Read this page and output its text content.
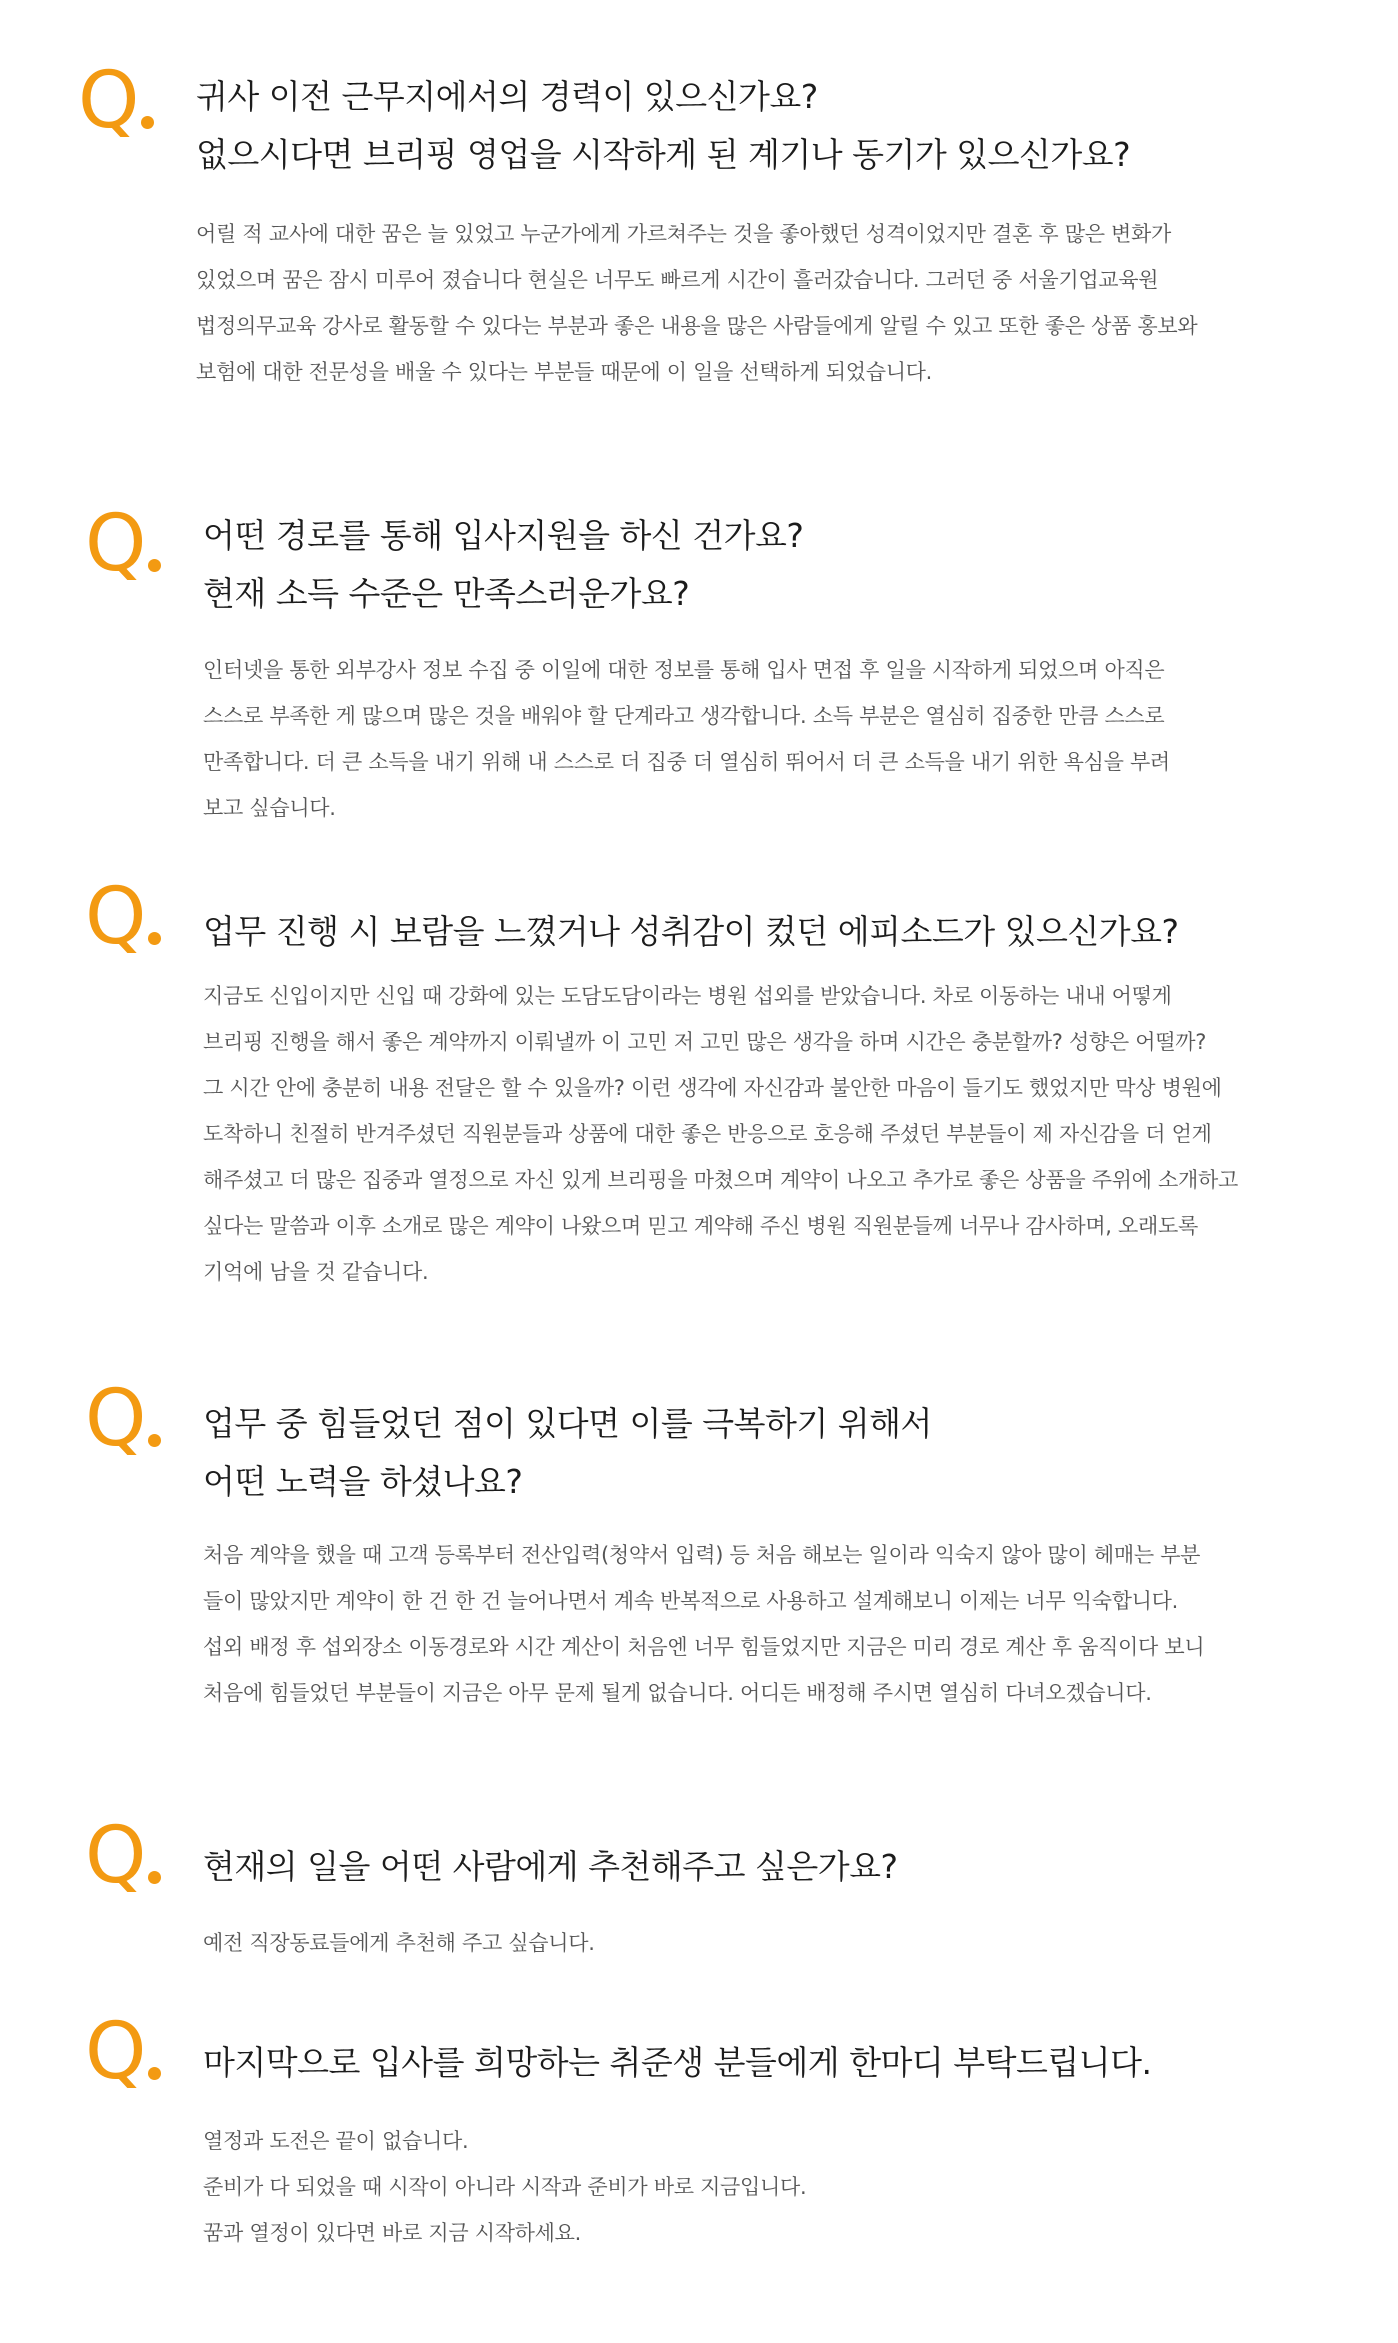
Q	귀사 이전 근무지에서의 경력이 있으신가요?
없으시다면 브리핑 영업을 시작하게 된 계기나 동기가 있으신가요?
어릴 적 교사에 대한 꿈은 늘 있었고 누군가에게 가르쳐주는 것을 좋아했던 성격이었지만 결혼 후 많은 변화가
있었으며 꿈은 잠시 미루어 졌습니다 현실은 너무도 빠르게 시간이 흘러갔습니다. 그러던 중 서울기업교육원
법정의무교육 강사로 활동할 수 있다는 부분과 좋은 내용을 많은 사람들에게 알릴 수 있고 또한 좋은 상품 홍보와
보험에 대한 전문성을 배울 수 있다는 부분들 때문에 이 일을 선택하게 되었습니다.
Q	어떤 경로를 통해 입사지원을 하신 건가요?
현재 소득 수준은 만족스러운가요?
인터넷을 통한 외부강사 정보 수집 중 이일에 대한 정보를 통해 입사 면접 후 일을 시작하게 되었으며 아직은
스스로 부족한 게 많으며 많은 것을 배워야 할 단계라고 생각합니다. 소득 부분은 열심히 집중한 만큼 스스로
만족합니다. 더 큰 소득을 내기 위해 내 스스로 더 집중 더 열심히 뛰어서 더 큰 소득을 내기 위한 욕심을 부려
보고 싶습니다.
Q	업무 진행 시 보람을 느꼈거나 성취감이 컸던 에피소드가 있으신가요?
지금도 신입이지만 신입 때 강화에 있는 도담도담이라는 병원 섭외를 받았습니다. 차로 이동하는 내내 어떻게
브리핑 진행을 해서 좋은 계약까지 이뤄낼까 이 고민 저 고민 많은 생각을 하며 시간은 충분할까? 성향은 어떨까?
그 시간 안에 충분히 내용 전달은 할 수 있을까? 이런 생각에 자신감과 불안한 마음이 들기도 했었지만 막상 병원에
도착하니 친절히 반겨주셨던 직원분들과 상품에 대한 좋은 반응으로 호응해 주셨던 부분들이 제 자신감을 더 얻게
해주셨고 더 많은 집중과 열정으로 자신 있게 브리핑을 마쳤으며 계약이 나오고 추가로 좋은 상품을 주위에 소개하고
싶다는 말씀과 이후 소개로 많은 계약이 나왔으며 믿고 계약해 주신 병원 직원분들께 너무나 감사하며, 오래도록
기억에 남을 것 같습니다.
Q	업무 중 힘들었던 점이 있다면 이를 극복하기 위해서
어떤 노력을 하셨나요?
처음 계약을 했을 때 고객 등록부터 전산입력(청약서 입력) 등 처음 해보는 일이라 익숙지 않아 많이 헤매는 부분
들이 많았지만 계약이 한 건 한 건 늘어나면서 계속 반복적으로 사용하고 설계해보니 이제는 너무 익숙합니다.
섭외 배정 후 섭외장소 이동경로와 시간 계산이 처음엔 너무 힘들었지만 지금은 미리 경로 계산 후 움직이다 보니
처음에 힘들었던 부분들이 지금은 아무 문제 될게 없습니다. 어디든 배정해 주시면 열심히 다녀오겠습니다.
Q	현재의 일을 어떤 사람에게 추천해주고 싶은가요?
예전 직장동료들에게 추천해 주고 싶습니다.
Q	마지막으로 입사를 희망하는 취준생 분들에게 한마디 부탁드립니다.
열정과 도전은 끝이 없습니다.
준비가 다 되었을 때 시작이 아니라 시작과 준비가 바로 지금입니다.
꿈과 열정이 있다면 바로 지금 시작하세요.
